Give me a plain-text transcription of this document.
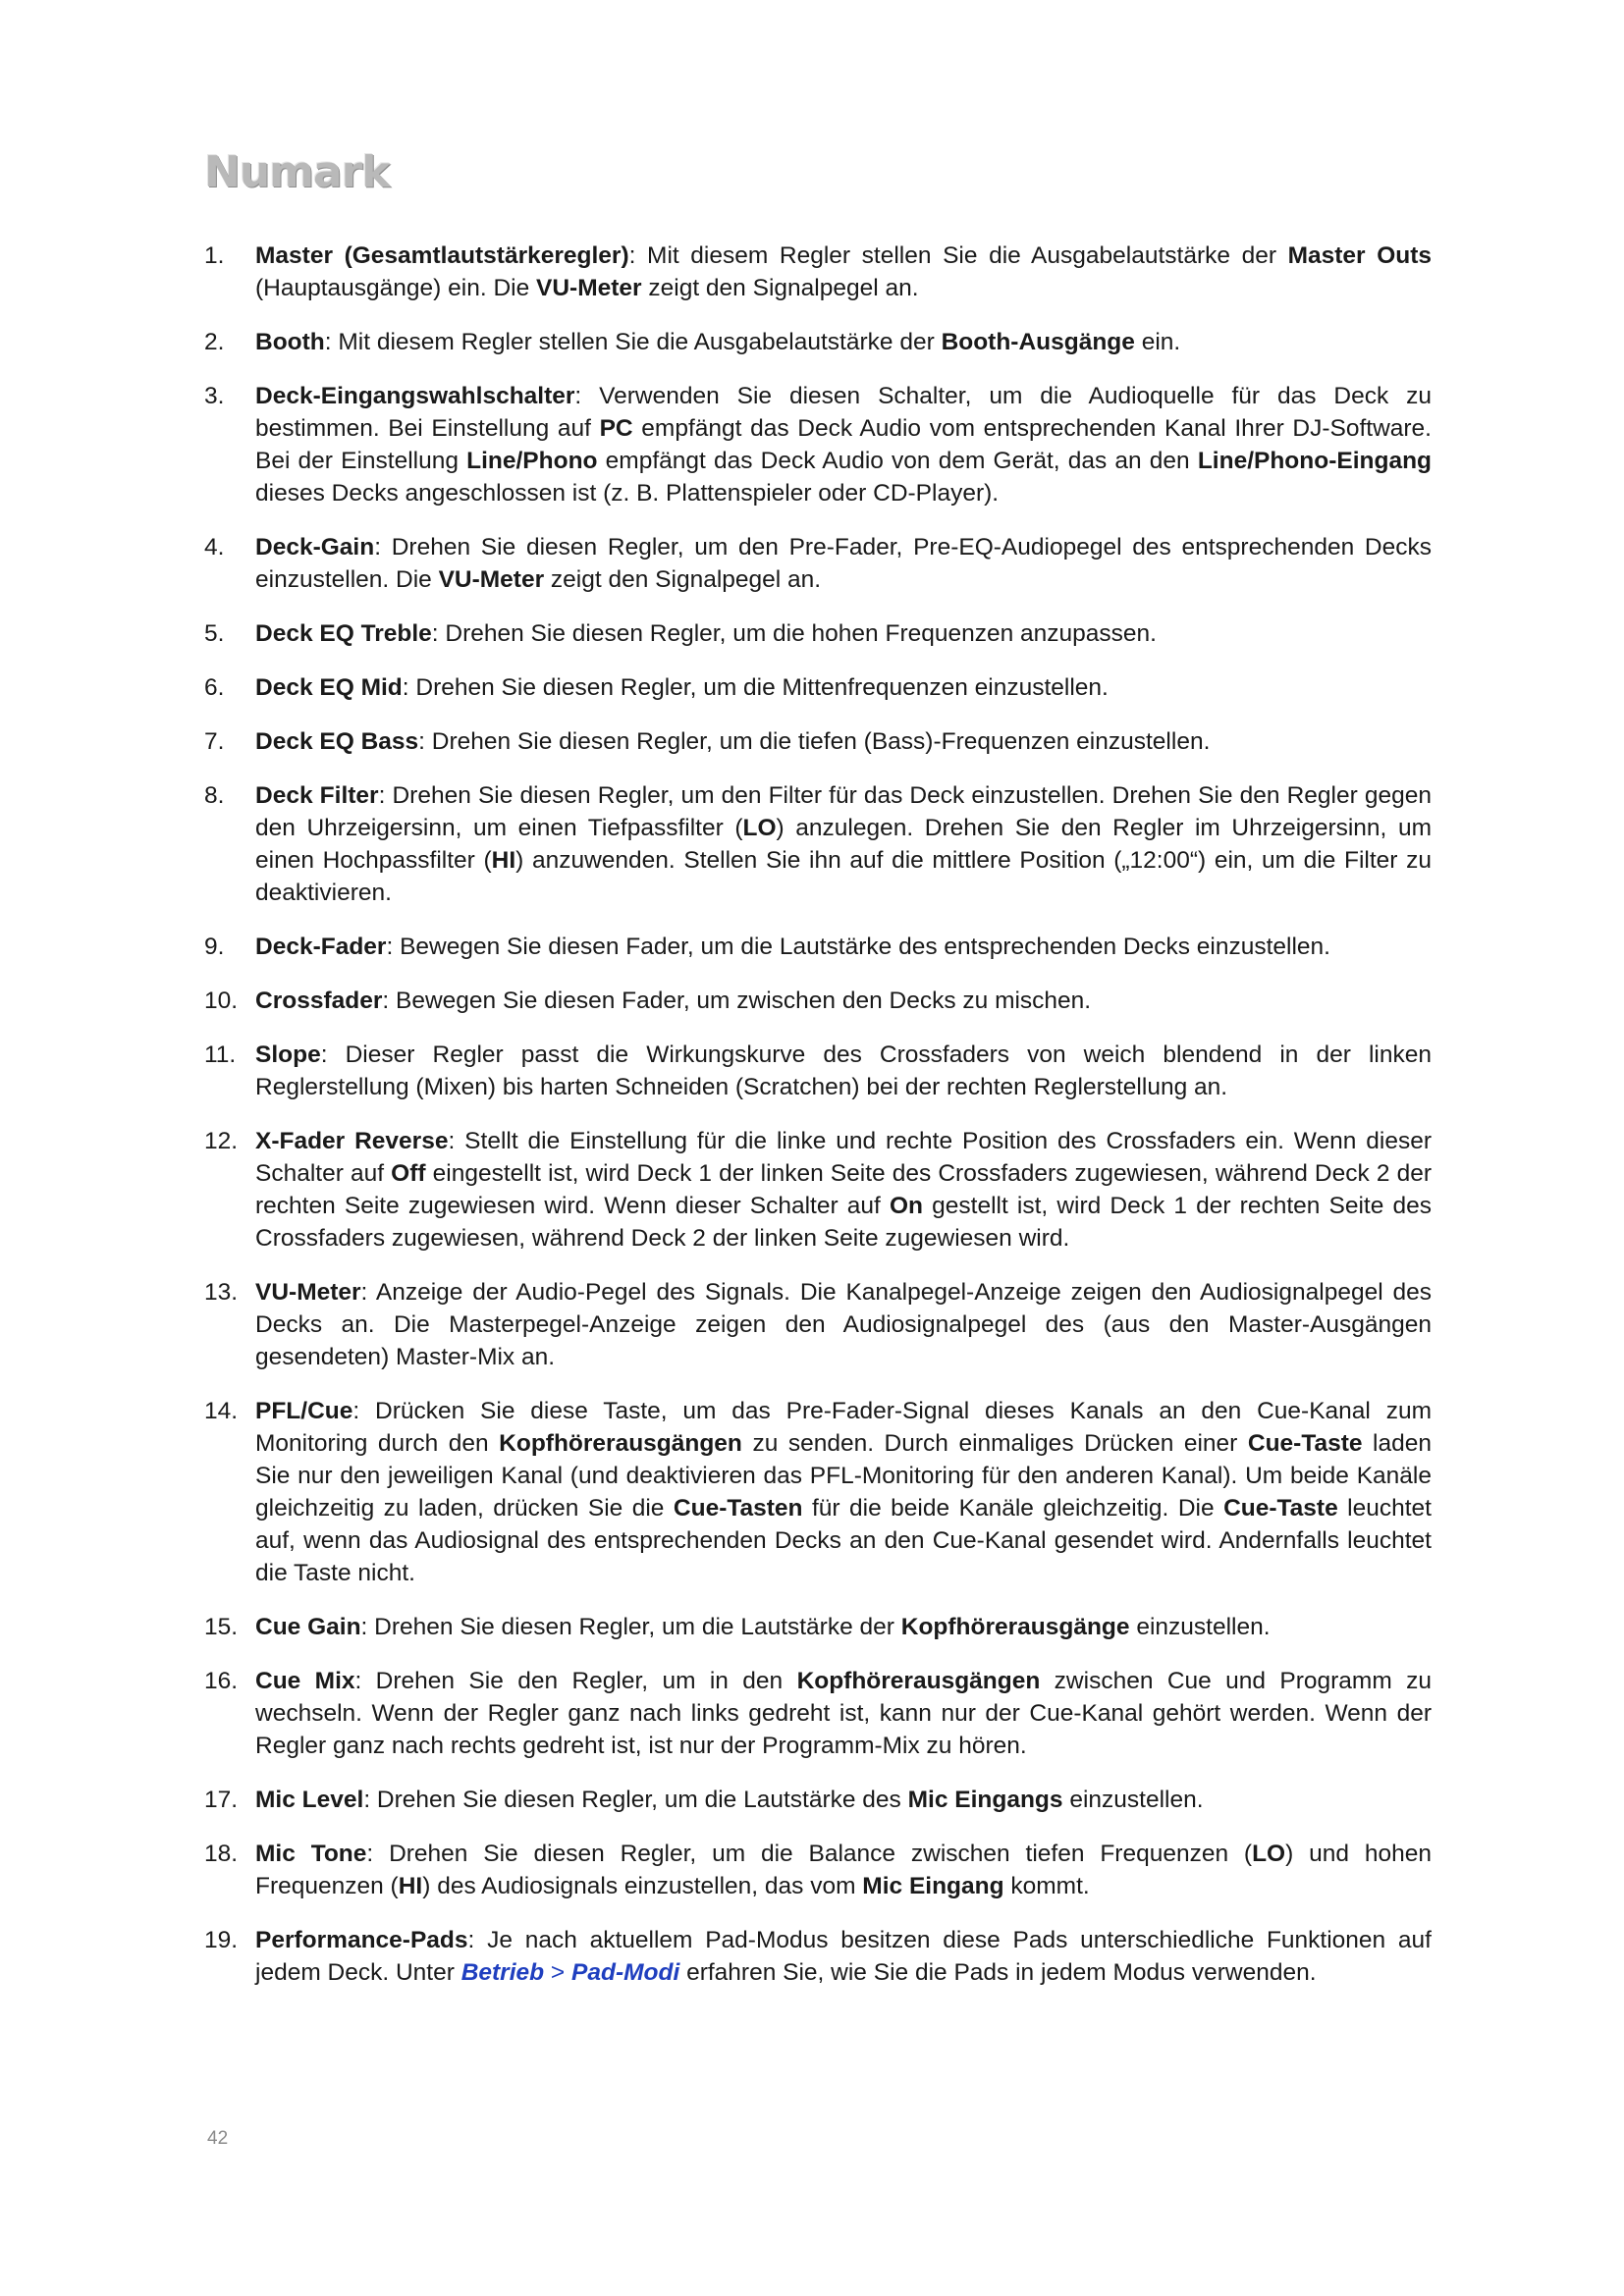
Numark
1. Master (Gesamtlautstärkeregler): Mit diesem Regler stellen Sie die Ausgabelautstärke der Master Outs (Hauptausgänge) ein. Die VU-Meter zeigt den Signalpegel an.
2. Booth: Mit diesem Regler stellen Sie die Ausgabelautstärke der Booth-Ausgänge ein.
3. Deck-Eingangswahlschalter: Verwenden Sie diesen Schalter, um die Audioquelle für das Deck zu bestimmen. Bei Einstellung auf PC empfängt das Deck Audio vom entsprechenden Kanal Ihrer DJ-Software. Bei der Einstellung Line/Phono empfängt das Deck Audio von dem Gerät, das an den Line/Phono-Eingang dieses Decks angeschlossen ist (z. B. Plattenspieler oder CD-Player).
4. Deck-Gain: Drehen Sie diesen Regler, um den Pre-Fader, Pre-EQ-Audiopegel des entsprechenden Decks einzustellen. Die VU-Meter zeigt den Signalpegel an.
5. Deck EQ Treble: Drehen Sie diesen Regler, um die hohen Frequenzen anzupassen.
6. Deck EQ Mid: Drehen Sie diesen Regler, um die Mittenfrequenzen einzustellen.
7. Deck EQ Bass: Drehen Sie diesen Regler, um die tiefen (Bass)-Frequenzen einzustellen.
8. Deck Filter: Drehen Sie diesen Regler, um den Filter für das Deck einzustellen. Drehen Sie den Regler gegen den Uhrzeigersinn, um einen Tiefpassfilter (LO) anzulegen. Drehen Sie den Regler im Uhrzeigersinn, um einen Hochpassfilter (HI) anzuwenden. Stellen Sie ihn auf die mittlere Position („12:00“) ein, um die Filter zu deaktivieren.
9. Deck-Fader: Bewegen Sie diesen Fader, um die Lautstärke des entsprechenden Decks einzustellen.
10. Crossfader: Bewegen Sie diesen Fader, um zwischen den Decks zu mischen.
11. Slope: Dieser Regler passt die Wirkungskurve des Crossfaders von weich blendend in der linken Reglerstellung (Mixen) bis harten Schneiden (Scratchen) bei der rechten Reglerstellung an.
12. X-Fader Reverse: Stellt die Einstellung für die linke und rechte Position des Crossfaders ein. Wenn dieser Schalter auf Off eingestellt ist, wird Deck 1 der linken Seite des Crossfaders zugewiesen, während Deck 2 der rechten Seite zugewiesen wird. Wenn dieser Schalter auf On gestellt ist, wird Deck 1 der rechten Seite des Crossfaders zugewiesen, während Deck 2 der linken Seite zugewiesen wird.
13. VU-Meter: Anzeige der Audio-Pegel des Signals. Die Kanalpegel-Anzeige zeigen den Audiosignalpegel des Decks an. Die Masterpegel-Anzeige zeigen den Audiosignalpegel des (aus den Master-Ausgängen gesendeten) Master-Mix an.
14. PFL/Cue: Drücken Sie diese Taste, um das Pre-Fader-Signal dieses Kanals an den Cue-Kanal zum Monitoring durch den Kopfhörerausgängen zu senden. Durch einmaliges Drücken einer Cue-Taste laden Sie nur den jeweiligen Kanal (und deaktivieren das PFL-Monitoring für den anderen Kanal). Um beide Kanäle gleichzeitig zu laden, drücken Sie die Cue-Tasten für die beide Kanäle gleichzeitig. Die Cue-Taste leuchtet auf, wenn das Audiosignal des entsprechenden Decks an den Cue-Kanal gesendet wird. Andernfalls leuchtet die Taste nicht.
15. Cue Gain: Drehen Sie diesen Regler, um die Lautstärke der Kopfhörerausgänge einzustellen.
16. Cue Mix: Drehen Sie den Regler, um in den Kopfhörerausgängen zwischen Cue und Programm zu wechseln. Wenn der Regler ganz nach links gedreht ist, kann nur der Cue-Kanal gehört werden. Wenn der Regler ganz nach rechts gedreht ist, ist nur der Programm-Mix zu hören.
17. Mic Level: Drehen Sie diesen Regler, um die Lautstärke des Mic Eingangs einzustellen.
18. Mic Tone: Drehen Sie diesen Regler, um die Balance zwischen tiefen Frequenzen (LO) und hohen Frequenzen (HI) des Audiosignals einzustellen, das vom Mic Eingang kommt.
19. Performance-Pads: Je nach aktuellem Pad-Modus besitzen diese Pads unterschiedliche Funktionen auf jedem Deck. Unter Betrieb > Pad-Modi erfahren Sie, wie Sie die Pads in jedem Modus verwenden.
42
